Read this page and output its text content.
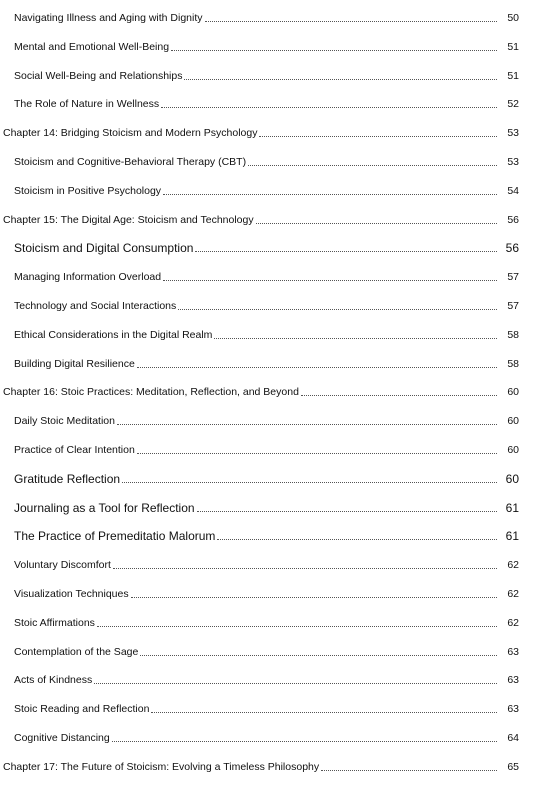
Navigating Illness and Aging with Dignity	50
Mental and Emotional Well-Being	51
Social Well-Being and Relationships	51
The Role of Nature in Wellness	52
Chapter 14: Bridging Stoicism and Modern Psychology	53
Stoicism and Cognitive-Behavioral Therapy (CBT)	53
Stoicism in Positive Psychology	54
Chapter 15: The Digital Age: Stoicism and Technology	56
Stoicism and Digital Consumption	56
Managing Information Overload	57
Technology and Social Interactions	57
Ethical Considerations in the Digital Realm	58
Building Digital Resilience	58
Chapter 16: Stoic Practices: Meditation, Reflection, and Beyond	60
Daily Stoic Meditation	60
Practice of Clear Intention	60
Gratitude Reflection	60
Journaling as a Tool for Reflection	61
The Practice of Premeditatio Malorum	61
Voluntary Discomfort	62
Visualization Techniques	62
Stoic Affirmations	62
Contemplation of the Sage	63
Acts of Kindness	63
Stoic Reading and Reflection	63
Cognitive Distancing	64
Chapter 17: The Future of Stoicism: Evolving a Timeless Philosophy	65
